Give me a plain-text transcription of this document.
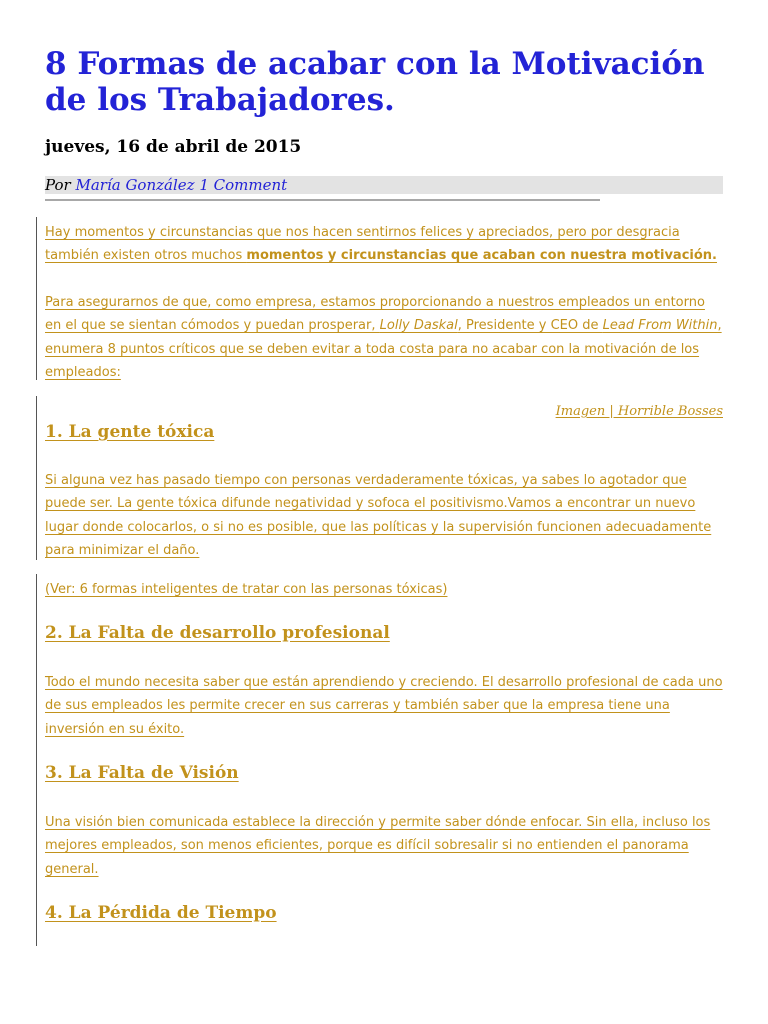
8 Formas de acabar con la Motivación de los Trabajadores.
jueves, 16 de abril de 2015
Por María González 1 Comment

Hay momentos y circunstancias que nos hacen sentirnos felices y apreciados, pero por desgracia también existen otros muchos momentos y circunstancias que acaban con nuestra motivación.

Para asegurarnos de que, como empresa, estamos proporcionando a nuestros empleados un entorno en el que se sientan cómodos y puedan prosperar, Lolly Daskal, Presidente y CEO de Lead From Within, enumera 8 puntos críticos que se deben evitar a toda costa para no acabar con la motivación de los empleados:

Imagen | Horrible Bosses
1. La gente tóxica

Si alguna vez has pasado tiempo con personas verdaderamente tóxicas, ya sabes lo agotador que puede ser. La gente tóxica difunde negatividad y sofoca el positivismo.Vamos a encontrar un nuevo lugar donde colocarlos, o si no es posible, que las políticas y la supervisión funcionen adecuadamente para minimizar el daño.

(Ver: 6 formas inteligentes de tratar con las personas tóxicas)

2. La Falta de desarrollo profesional

Todo el mundo necesita saber que están aprendiendo y creciendo. El desarrollo profesional de cada uno de sus empleados les permite crecer en sus carreras y también saber que la empresa tiene una inversión en su éxito.

3. La Falta de Visión

Una visión bien comunicada establece la dirección y permite saber dónde enfocar. Sin ella, incluso los mejores empleados, son menos eficientes, porque es difícil sobresalir si no entienden el panorama general.

4. La Pérdida de Tiempo
